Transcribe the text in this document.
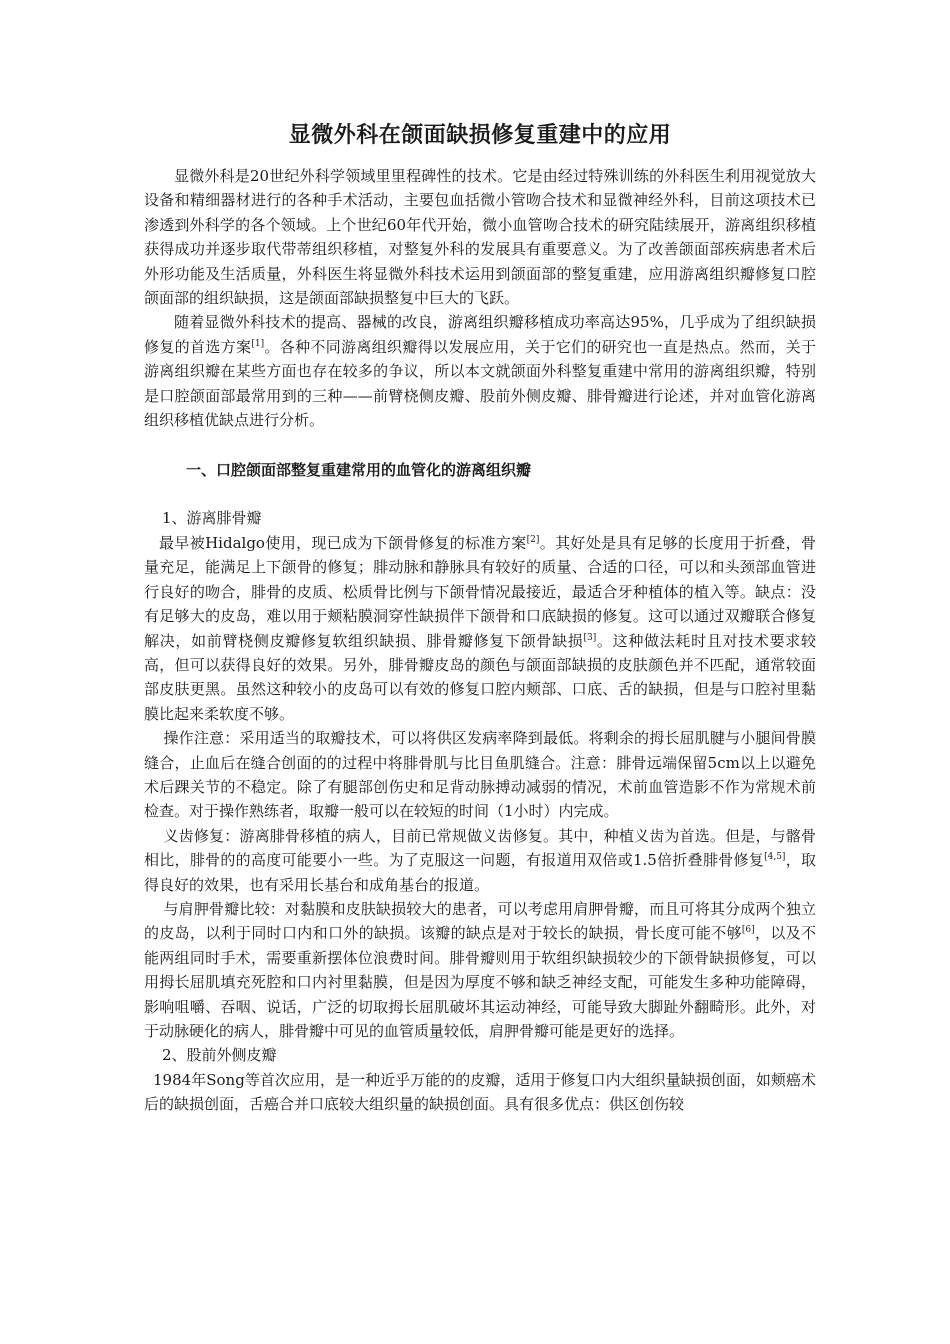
显微外科在颌面缺损修复重建中的应用

显微外科是20世纪外科学领域里里程碑性的技术。它是由经过特殊训练的外科医生利用视觉放大设备和精细器材进行的各种手术活动，主要包血括微小管吻合技术和显微神经外科，目前这项技术已渗透到外科学的各个领域。上个世纪60年代开始，微小血管吻合技术的研究陆续展开，游离组织移植获得成功并逐步取代带蒂组织移植，对整复外科的发展具有重要意义。为了改善颌面部疾病患者术后外形功能及生活质量，外科医生将显微外科技术运用到颌面部的整复重建，应用游离组织瓣修复口腔颌面部的组织缺损，这是颌面部缺损整复中巨大的飞跃。

随着显微外科技术的提高、器械的改良，游离组织瓣移植成功率高达95%，几乎成为了组织缺损修复的首选方案[1]。各种不同游离组织瓣得以发展应用，关于它们的研究也一直是热点。然而，关于游离组织瓣在某些方面也存在较多的争议，所以本文就颌面外科整复重建中常用的游离组织瓣，特别是口腔颌面部最常用到的三种——前臂桡侧皮瓣、股前外侧皮瓣、腓骨瓣进行论述，并对血管化游离组织移植优缺点进行分析。

一、口腔颌面部整复重建常用的血管化的游离组织瓣

1、游离腓骨瓣

最早被Hidalgo使用，现已成为下颌骨修复的标准方案[2]。其好处是具有足够的长度用于折叠，骨量充足，能满足上下颌骨的修复；腓动脉和静脉具有较好的质量、合适的口径，可以和头颈部血管进行良好的吻合，腓骨的皮质、松质骨比例与下颌骨情况最接近，最适合牙种植体的植入等。缺点：没有足够大的皮岛，难以用于颊粘膜洞穿性缺损伴下颌骨和口底缺损的修复。这可以通过双瓣联合修复解决，如前臂桡侧皮瓣修复软组织缺损、腓骨瓣修复下颌骨缺损[3]。这种做法耗时且对技术要求较高，但可以获得良好的效果。另外，腓骨瓣皮岛的颜色与颌面部缺损的皮肤颜色并不匹配，通常较面部皮肤更黑。虽然这种较小的皮岛可以有效的修复口腔内颊部、口底、舌的缺损，但是与口腔衬里黏膜比起来柔软度不够。

操作注意：采用适当的取瓣技术，可以将供区发病率降到最低。将剩余的拇长屈肌腱与小腿间骨膜缝合，止血后在缝合创面的的过程中将腓骨肌与比目鱼肌缝合。注意：腓骨远端保留5cm以上以避免术后踝关节的不稳定。除了有腿部创伤史和足背动脉搏动减弱的情况，术前血管造影不作为常规术前检查。对于操作熟练者，取瓣一般可以在较短的时间（1小时）内完成。

义齿修复：游离腓骨移植的病人，目前已常规做义齿修复。其中，种植义齿为首选。但是，与髂骨相比，腓骨的的高度可能要小一些。为了克服这一问题，有报道用双倍或1.5倍折叠腓骨修复[4,5]，取得良好的效果，也有采用长基台和成角基台的报道。

与肩胛骨瓣比较：对黏膜和皮肤缺损较大的患者，可以考虑用肩胛骨瓣，而且可将其分成两个独立的皮岛，以利于同时口内和口外的缺损。该瓣的缺点是对于较长的缺损，骨长度可能不够[6]，以及不能两组同时手术，需要重新摆体位浪费时间。腓骨瓣则用于软组织缺损较少的下颌骨缺损修复，可以用拇长屈肌填充死腔和口内衬里黏膜，但是因为厚度不够和缺乏神经支配，可能发生多种功能障碍，影响咀嚼、吞咽、说话，广泛的切取拇长屈肌破坏其运动神经，可能导致大脚趾外翻畸形。此外，对于动脉硬化的病人，腓骨瓣中可见的血管质量较低，肩胛骨瓣可能是更好的选择。

2、股前外侧皮瓣

1984年Song等首次应用，是一种近乎万能的的皮瓣，适用于修复口内大组织量缺损创面，如颊癌术后的缺损创面，舌癌合并口底较大组织量的缺损创面。具有很多优点：供区创伤较
